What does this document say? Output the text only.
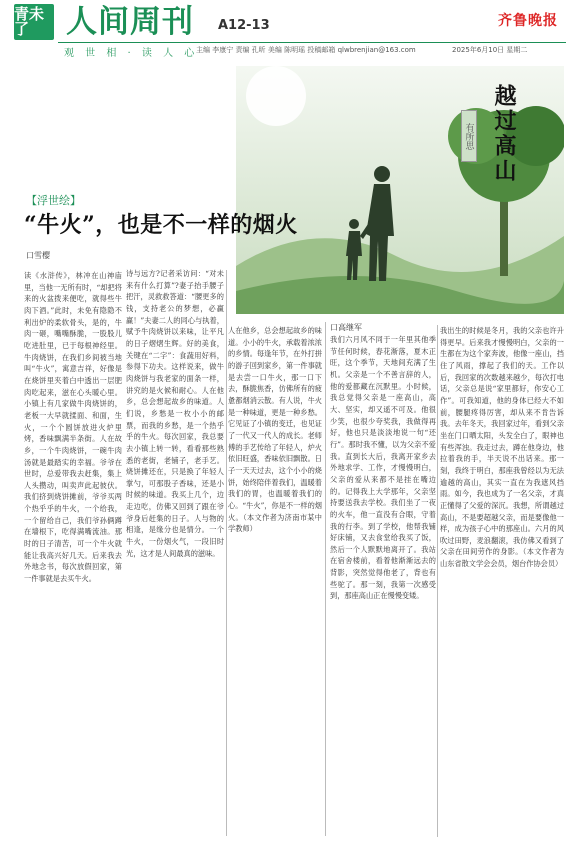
青未了	人间周刊 A12-13	齐鲁晚报
观 世 相 · 读 人 心
主编 李康宁 责编 孔昕 美编 陈明瑶 投稿邮箱 qlwbrenjian@163.com	2025年6月10日 星期二
有所思 越过高山
【浮世绘】
“牛火”，也是不一样的烟火
口雪樱
读《水浒传》，林冲在山神庙里，当他一无所有时，“却把将来的火盆拨来便吃，就得些牛肉下酒。”此时，未免有隐隐不利出炉的柔软骨头，是的，牛肉一砸，嘴嘴酥脆，一股股儿吃进肚里，已于每根神经里。牛肉烧饼，在我们乡间被当地叫“牛火”，寓意吉祥，好像是在烧饼里夹着白中透出一层肥肉吃起来，滋在心头暖心里。小镇上有几家做牛肉烧饼的，老板一大早就揉面、和面，生火，一个个圆饼放进火炉里烤，香味飘满半条街。人在故乡，一个牛肉烧饼，一碗牛肉汤就是最踏实的幸福。爷爷在世时，总爱带我去赶集，集上人头攒动，叫卖声此起彼伏。我们挤到烧饼摊前，爷爷买两个热乎乎的牛火，一个给我，一个留给自己，我们爷孙俩蹲在墙根下，吃得满嘴流油。那时的日子清苦，可一个牛火就能让我高兴好几天。后来我去外地念书，每次放假回家，第一件事就是去买牛火。
诗与远方?记者采访问：“对未来有什么打算”?妻子抬手腰子把汗，灵救救答道：“腰更多的钱，支持老公的梦想，必赢赢！”夫妻二人的同心与执着，赋予牛肉烧饼以来味，让平凡的日子熠熠生辉。好的美食，关键在“二字”：食蔬用好料，参得下功夫。这样说来，做牛肉烧饼与我老家的面条一样，讲究的是火候和耐心。人在他乡，总会想起故乡的味道。人们说，乡愁是一枚小小的邮票，而我的乡愁，是一个热乎乎的牛火。每次回家，我总要去小镇上转一转，看看那些熟悉的老街，老铺子，老手艺。烧饼摊还在，只是换了年轻人掌勺，可那股子香味，还是小时候的味道。我买上几个，边走边吃，仿佛又回到了跟在爷爷身后赶集的日子。人与物的相逢，是缘分也是情分。一个牛火，一份烟火气，一段旧时光，这才是人间最真的滋味。
人在他乡，总会想起故乡的味道。小小的牛火，承载着浓浓的乡情。每逢年节，在外打拼的游子回到家乡，第一件事就是去尝一口牛火，那一口下去，酥脆焦香，仿佛所有的疲惫都烟消云散。有人说，牛火是一种味道，更是一种乡愁。它见证了小镇的变迁，也见证了一代又一代人的成长。老师傅的手艺传给了年轻人，炉火依旧旺盛，香味依旧飘散。日子一天天过去，这个小小的烧饼，始终陪伴着我们，温暖着我们的胃，也温暖着我们的心。“牛火”，你是不一样的烟火。（本文作者为济南市某中学教师）
口高继军
我们六月风不同于一年里其他季节任何时候，春花渐落，夏木正旺，这个季节，天地间充满了生机。父亲是一个不善言辞的人，他的爱都藏在沉默里。小时候，我总觉得父亲是一座高山，高大、坚实，却又遥不可及。他很少笑，也很少夸奖我，我做得再好，他也只是淡淡地说一句“还行”。那时我不懂，以为父亲不爱我。直到长大后，我离开家乡去外地求学、工作，才慢慢明白，父亲的爱从来都不是挂在嘴边的。记得我上大学那年，父亲坚持要送我去学校。我们坐了一夜的火车，他一直没有合眼，守着我的行李。到了学校，他帮我铺好床铺，又去食堂给我买了饭，然后一个人默默地离开了。我站在宿舍楼前，看着他渐渐远去的背影，突然觉得他老了，背也有些驼了。那一刻，我第一次感受到，那座高山正在慢慢变矮。
我出生的时候是冬月，我的父亲也许升得更早。后来我才慢慢明白，父亲的一生都在为这个家奔波，他像一座山，挡住了风雨，撑起了我们的天。工作以后，我回家的次数越来越少，每次打电话，父亲总是说“家里都好，你安心工作”。可我知道，他的身体已经大不如前，腰腿疼得厉害，却从来不肯告诉我。去年冬天，我回家过年，看到父亲坐在门口晒太阳，头发全白了，眼神也有些浑浊。我走过去，蹲在他身边，他拉着我的手，半天说不出话来。那一刻，我终于明白，那座我曾经以为无法逾越的高山，其实一直在为我遮风挡雨。如今，我也成为了一名父亲，才真正懂得了父爱的深沉。我想，所谓越过高山，不是要超越父亲，而是要像他一样，成为孩子心中的那座山。六月的风吹过田野，麦浪翻滚，我仿佛又看到了父亲在田间劳作的身影。（本文作者为山东省散文学会会员，烟台作协会员）
